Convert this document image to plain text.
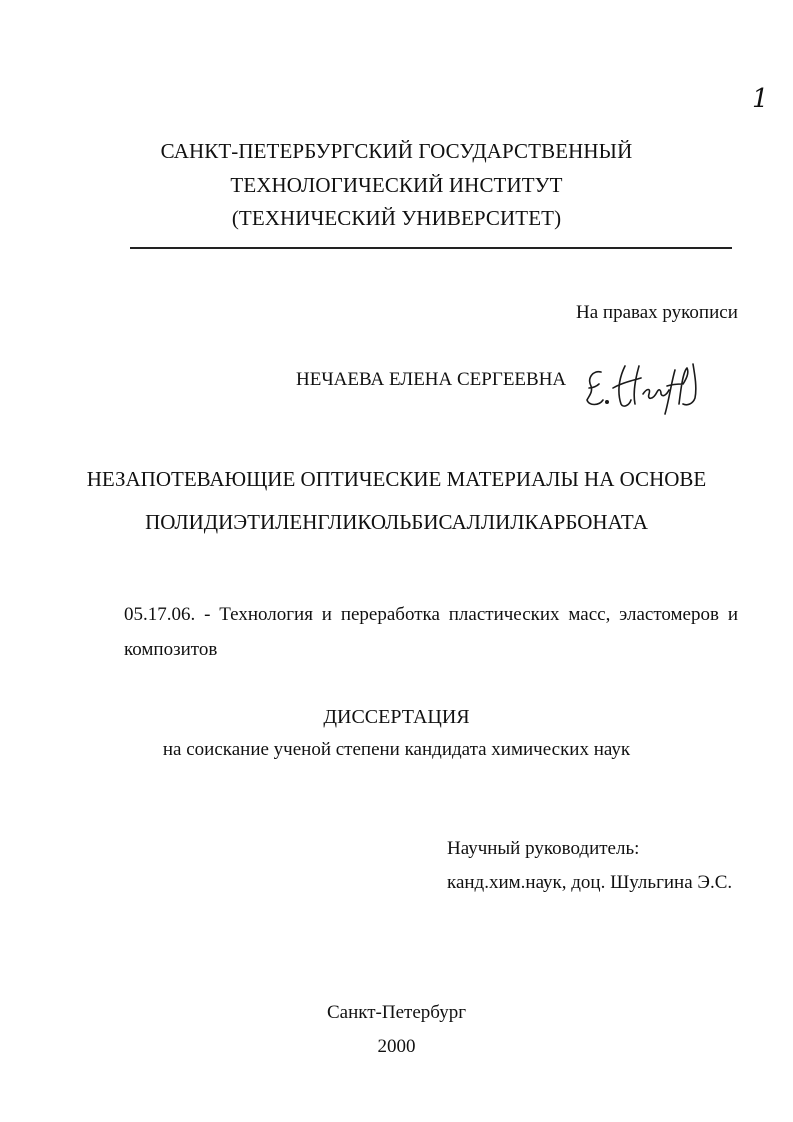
1
САНКТ-ПЕТЕРБУРГСКИЙ ГОСУДАРСТВЕННЫЙ
ТЕХНОЛОГИЧЕСКИЙ ИНСТИТУТ
(ТЕХНИЧЕСКИЙ УНИВЕРСИТЕТ)
На правах рукописи
НЕЧАЕВА ЕЛЕНА СЕРГЕЕВНА
НЕЗАПОТЕВАЮЩИЕ ОПТИЧЕСКИЕ МАТЕРИАЛЫ НА ОСНОВЕ
ПОЛИДИЭТИЛЕНГЛИКОЛЬБИСАЛЛИЛКАРБОНАТА
05.17.06. - Технология и переработка пластических масс, эластомеров и
композитов
ДИССЕРТАЦИЯ
на соискание ученой степени кандидата химических наук
Научный руководитель:
канд.хим.наук, доц. Шульгина Э.С.
Санкт-Петербург
2000
